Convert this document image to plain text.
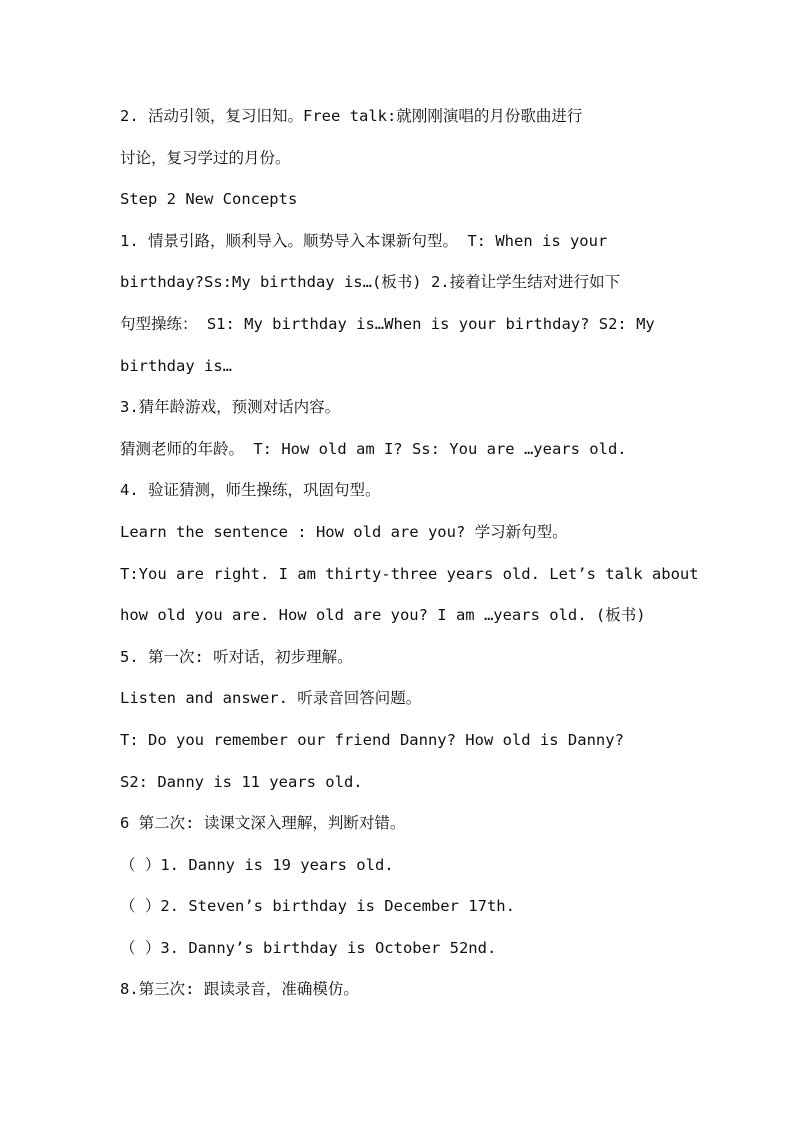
2. 活动引领，复习旧知。Free talk:就刚刚演唱的月份歌曲进行
讨论，复习学过的月份。
Step 2 New Concepts
1. 情景引路，顺利导入。顺势导入本课新句型。 T: When is your
birthday?Ss:My birthday is…(板书) 2.接着让学生结对进行如下
句型操练： S1: My birthday is…When is your birthday? S2: My
birthday is…
3.猜年龄游戏，预测对话内容。
猜测老师的年龄。 T: How old am I? Ss: You are …years old.
4. 验证猜测，师生操练，巩固句型。
Learn the sentence : How old are you? 学习新句型。
T:You are right. I am thirty-three years old. Let’s talk about
how old you are. How old are you? I am …years old. (板书)
5. 第一次: 听对话，初步理解。
Listen and answer. 听录音回答问题。
T: Do you remember our friend Danny? How old is Danny?
S2: Danny is 11 years old.
6 第二次: 读课文深入理解，判断对错。
（ ）1. Danny is 19 years old.
（ ）2. Steven’s birthday is December 17th.
（ ）3. Danny’s birthday is October 52nd.
8.第三次: 跟读录音，准确模仿。
